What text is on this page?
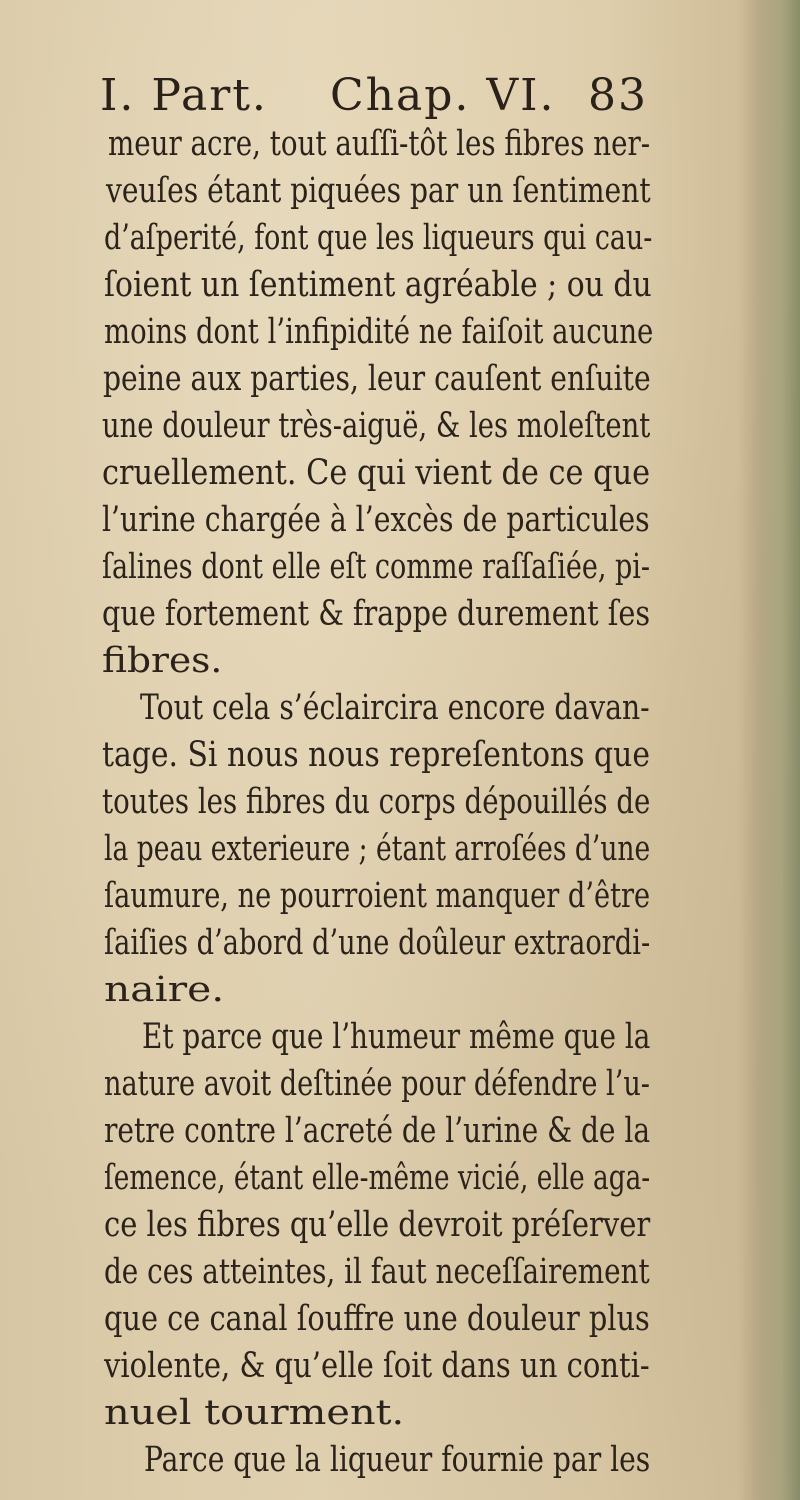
I. Part. Chap. VI. 83
meur acre, tout auſſi-tôt les fibres ner-
veuſes étant piquées par un ſentiment
d’aſperité, font que les liqueurs qui cau-
ſoient un ſentiment agréable ; ou du
moins dont l’infipidité ne faiſoit aucune
peine aux parties, leur cauſent enſuite
une douleur très-aiguë, & les moleſtent
cruellement. Ce qui vient de ce que
l’urine chargée à l’excès de particules
ſalines dont elle eſt comme raſſaſiée, pi-
que fortement & frappe durement ſes
fibres.
Tout cela s’éclaircira encore davan-
tage. Si nous nous repreſentons que
toutes les fibres du corps dépouillés de
la peau exterieure ; étant arroſées d’une
ſaumure, ne pourroient manquer d’être
ſaiſies d’abord d’une doûleur extraordi-
naire.
Et parce que l’humeur même que la
nature avoit deſtinée pour défendre l’u-
retre contre l’acreté de l’urine & de la
ſemence, étant elle-même vicié, elle aga-
ce les fibres qu’elle devroit préſerver
de ces atteintes, il faut neceſſairement
que ce canal ſouffre une douleur plus
violente, & qu’elle ſoit dans un conti-
nuel tourment.
Parce que la liqueur fournie par les
